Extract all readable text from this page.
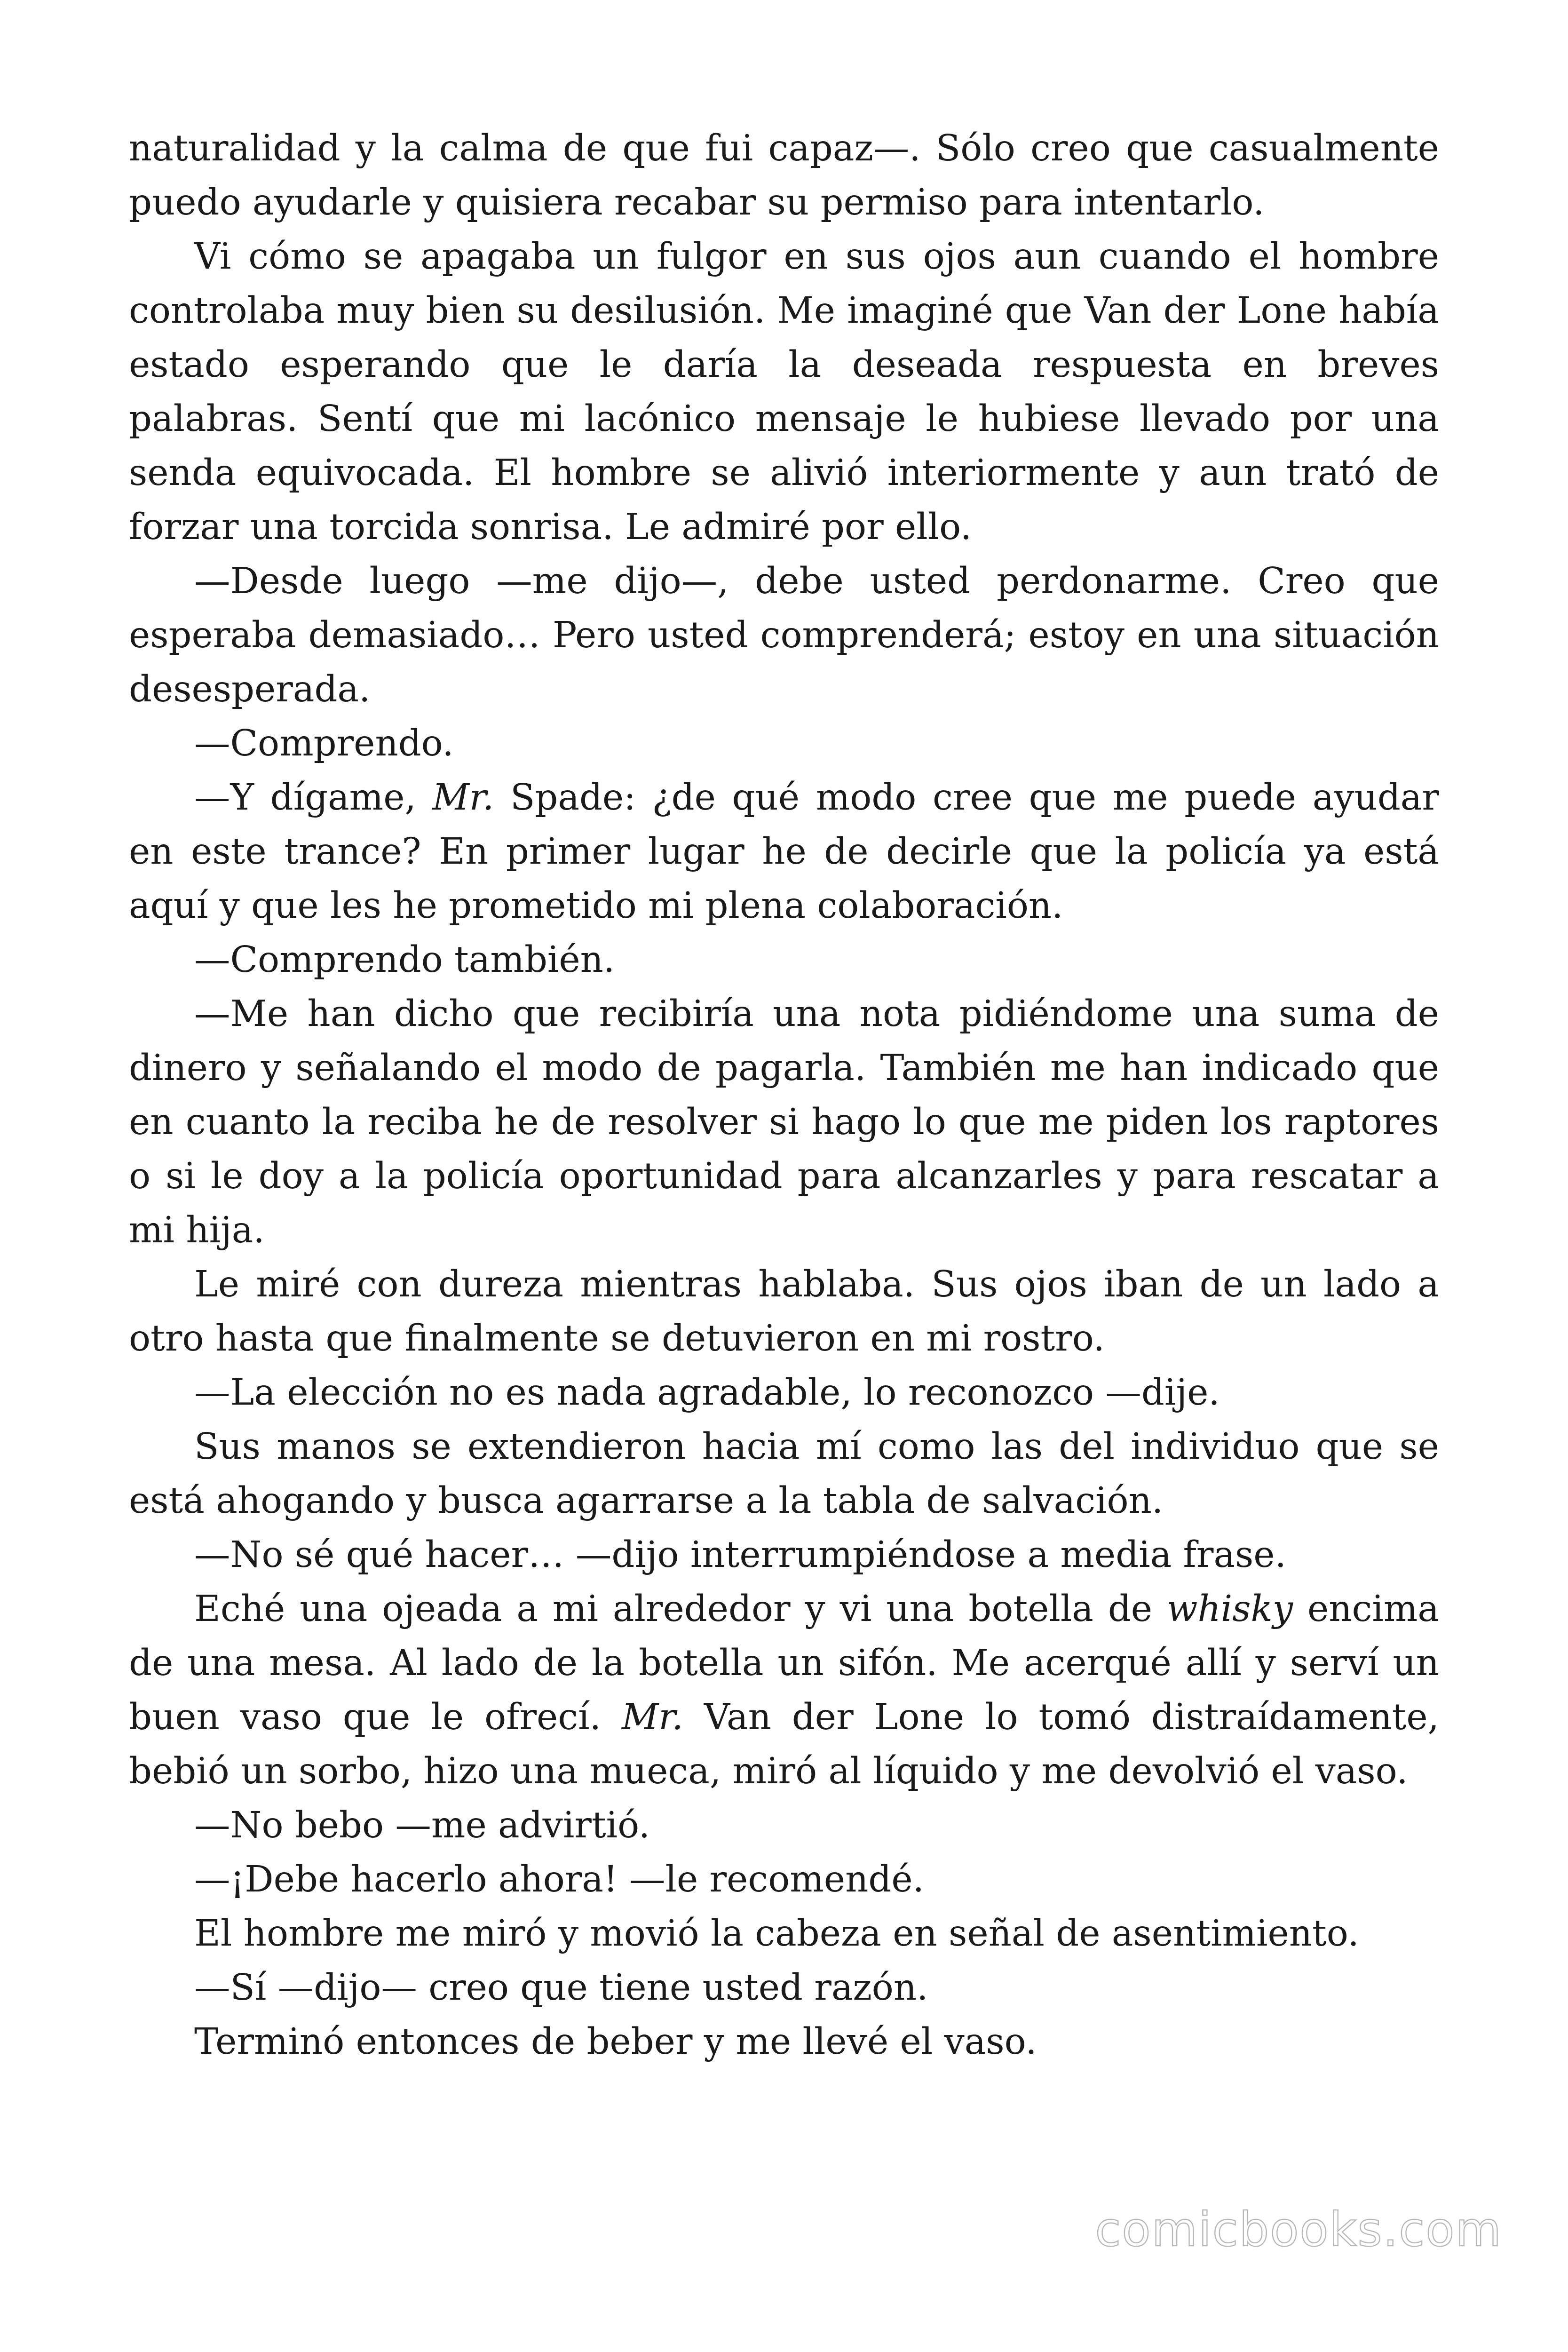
naturalidad y la calma de que fui capaz—. Sólo creo que casualmente puedo ayudarle y quisiera recabar su permiso para intentarlo.

Vi cómo se apagaba un fulgor en sus ojos aun cuando el hombre controlaba muy bien su desilusión. Me imaginé que Van der Lone había estado esperando que le daría la deseada respuesta en breves palabras. Sentí que mi lacónico mensaje le hubiese llevado por una senda equivocada. El hombre se alivió interiormente y aun trató de forzar una torcida sonrisa. Le admiré por ello.

—Desde luego —me dijo—, debe usted perdonarme. Creo que esperaba demasiado… Pero usted comprenderá; estoy en una situación desesperada.

—Comprendo.

—Y dígame, Mr. Spade: ¿de qué modo cree que me puede ayudar en este trance? En primer lugar he de decirle que la policía ya está aquí y que les he prometido mi plena colaboración.

—Comprendo también.

—Me han dicho que recibiría una nota pidiéndome una suma de dinero y señalando el modo de pagarla. También me han indicado que en cuanto la reciba he de resolver si hago lo que me piden los raptores o si le doy a la policía oportunidad para alcanzarles y para rescatar a mi hija.

Le miré con dureza mientras hablaba. Sus ojos iban de un lado a otro hasta que finalmente se detuvieron en mi rostro.

—La elección no es nada agradable, lo reconozco —dije.

Sus manos se extendieron hacia mí como las del individuo que se está ahogando y busca agarrarse a la tabla de salvación.

—No sé qué hacer… —dijo interrumpiéndose a media frase.

Eché una ojeada a mi alrededor y vi una botella de whisky encima de una mesa. Al lado de la botella un sifón. Me acerqué allí y serví un buen vaso que le ofrecí. Mr. Van der Lone lo tomó distraídamente, bebió un sorbo, hizo una mueca, miró al líquido y me devolvió el vaso.

—No bebo —me advirtió.

—¡Debe hacerlo ahora! —le recomendé.

El hombre me miró y movió la cabeza en señal de asentimiento.

—Sí —dijo— creo que tiene usted razón.

Terminó entonces de beber y me llevé el vaso.

comicbooks.com
